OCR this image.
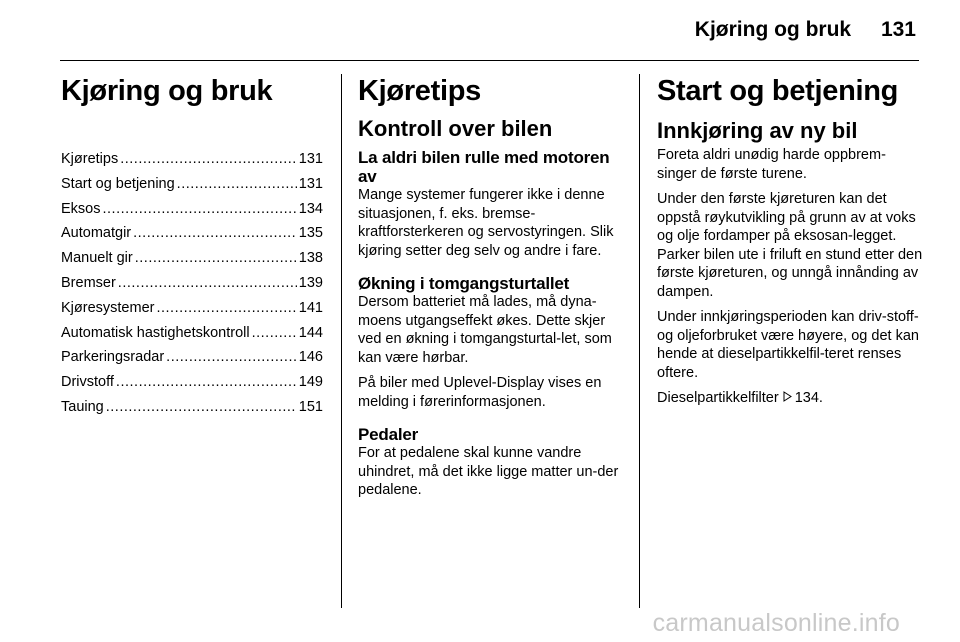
Kjøring og bruk 131
Kjøring og bruk
Kjøretips .....	131
Start og betjening .....	131
Eksos .....	134
Automatgir .....	135
Manuelt gir .....	138
Bremser .....	139
Kjøresystemer .....	141
Automatisk hastighetskontroll .....	144
Parkeringsradar .....	146
Drivstoff .....	149
Tauing .....	151
Kjøretips
Kontroll over bilen
La aldri bilen rulle med motoren av

Mange systemer fungerer ikke i denne situasjonen, f. eks. bremse-kraftforsterkeren og servostyringen. Slik kjøring setter deg selv og andre i fare.

Økning i tomgangsturtallet

Dersom batteriet må lades, må dyna-moens utgangseffekt økes. Dette skjer ved en økning i tomgangsturtal-let, som kan være hørbar.

På biler med Uplevel-Display vises en melding i førerinformasjonen.

Pedaler

For at pedalene skal kunne vandre uhindret, må det ikke ligge matter un-der pedalene.

Start og betjening
Innkjøring av ny bil

Foreta aldri unødig harde oppbrem-singer de første turene.

Under den første kjøreturen kan det oppstå røykutvikling på grunn av at voks og olje fordamper på eksosan-legget. Parker bilen ute i friluft en stund etter den første kjøreturen, og unngå innånding av dampen.

Under innkjøringsperioden kan driv-stoff- og oljeforbruket være høyere, og det kan hende at dieselpartikkelfil-teret renses oftere.

Dieselpartikkelfilter 134.

carmanualsonline.info
